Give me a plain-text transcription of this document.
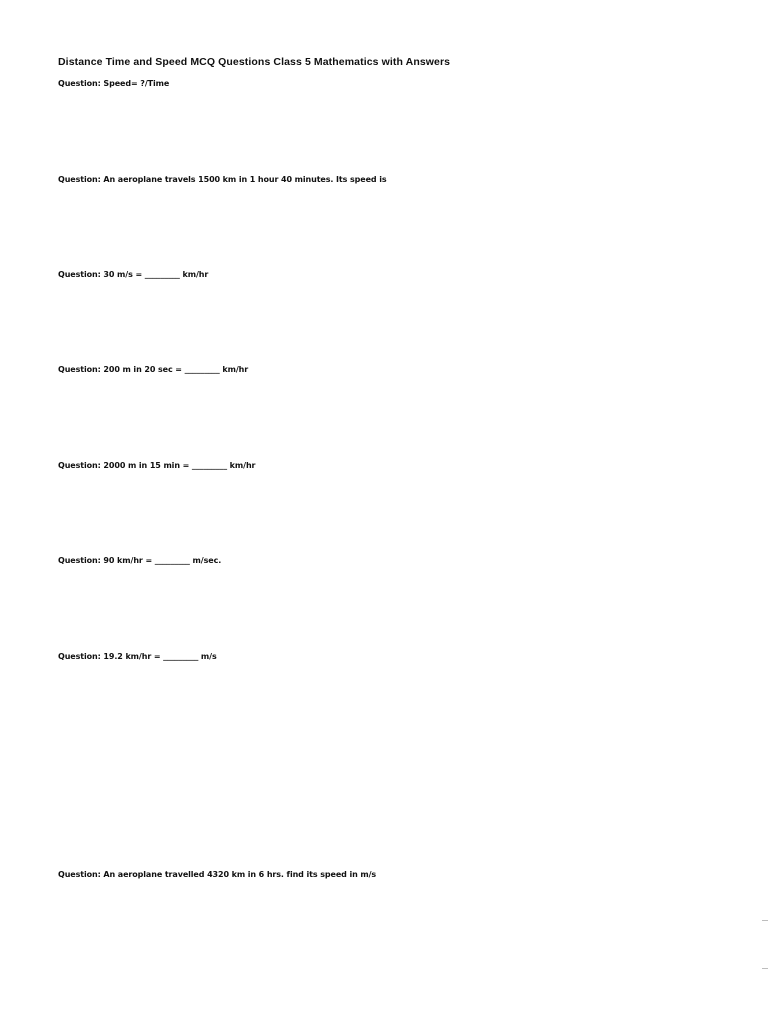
Distance Time and Speed MCQ Questions Class 5 Mathematics with Answers
Question: Speed= ?/Time
Question: An aeroplane travels 1500 km in 1 hour 40 minutes. Its speed is
Question: 30 m/s = _________ km/hr
Question: 200 m in 20 sec = _________ km/hr
Question: 2000 m in 15 min = _________ km/hr
Question: 90 km/hr = _________ m/sec.
Question: 19.2 km/hr = _________ m/s
Question: An aeroplane travelled 4320 km in 6 hrs. find its speed in m/s
